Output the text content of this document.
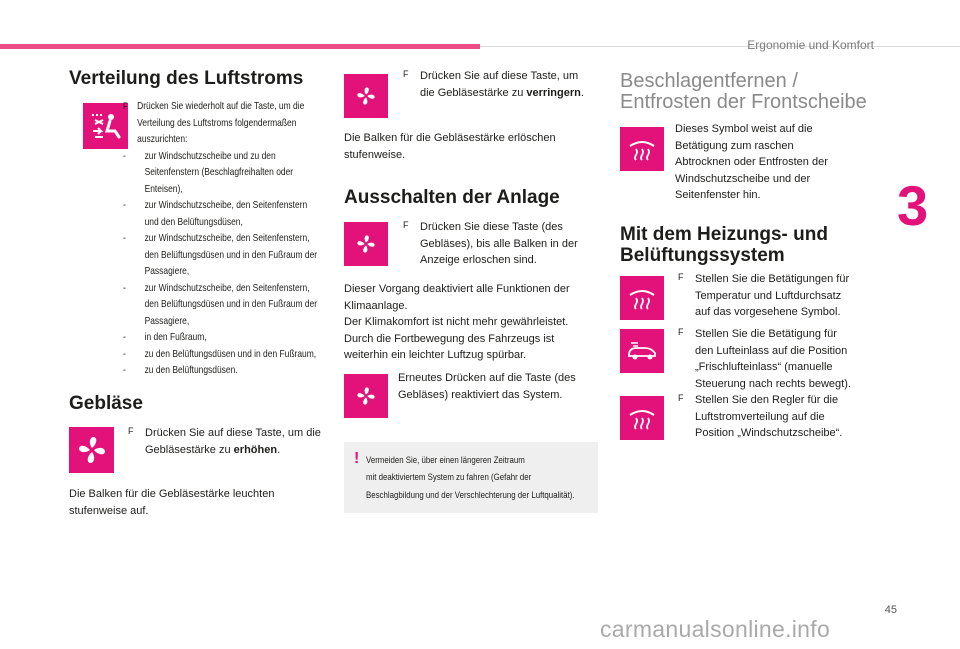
Ergonomie und Komfort
3
45
carmanualsonline.info
Verteilung des Luftstroms
F Drücken Sie wiederholt auf die Taste, um die Verteilung des Luftstroms folgendermaßen auszurichten:
-	zur Windschutzscheibe und zu den Seitenfenstern (Beschlagfreihalten oder Enteisen),
-	zur Windschutzscheibe, den Seitenfenstern und den Belüftungsdüsen,
-	zur Windschutzscheibe, den Seitenfenstern, den Belüftungsdüsen und in den Fußraum der Passagiere,
-	zur Windschutzscheibe, den Seitenfenstern, den Belüftungsdüsen und in den Fußraum der Passagiere,
-	in den Fußraum,
-	zu den Belüftungsdüsen und in den Fußraum,
-	zu den Belüftungsdüsen.
Gebläse
F	Drücken Sie auf diese Taste, um die Gebläsestärke zu erhöhen.
Die Balken für die Gebläsestärke leuchten stufenweise auf.
F	Drücken Sie auf diese Taste, um die Gebläsestärke zu verringern.
Die Balken für die Gebläsestärke erlöschen stufenweise.
Ausschalten der Anlage
F	Drücken Sie diese Taste (des Gebläses), bis alle Balken in der Anzeige erloschen sind.
Dieser Vorgang deaktiviert alle Funktionen der Klimaanlage.
Der Klimakomfort ist nicht mehr gewährleistet. Durch die Fortbewegung des Fahrzeugs ist weiterhin ein leichter Luftzug spürbar.
Erneutes Drücken auf die Taste (des Gebläses) reaktiviert das System.
! Vermeiden Sie, über einen längeren Zeitraum
mit deaktiviertem System zu fahren (Gefahr der
Beschlagbildung und der Verschlechterung der Luftqualität).
Beschlagentfernen /
Entfrosten der Frontscheibe
Dieses Symbol weist auf die Betätigung zum raschen Abtrocknen oder Entfrosten der Windschutzscheibe und der Seitenfenster hin.
Mit dem Heizungs- und
Belüftungssystem
F	Stellen Sie die Betätigungen für Temperatur und Luftdurchsatz auf das vorgesehene Symbol.
F	Stellen Sie die Betätigung für den Lufteinlass auf die Position „Frischlufteinlass“ (manuelle Steuerung nach rechts bewegt).
F	Stellen Sie den Regler für die Luftstromverteilung auf die Position „Windschutzscheibe“.
